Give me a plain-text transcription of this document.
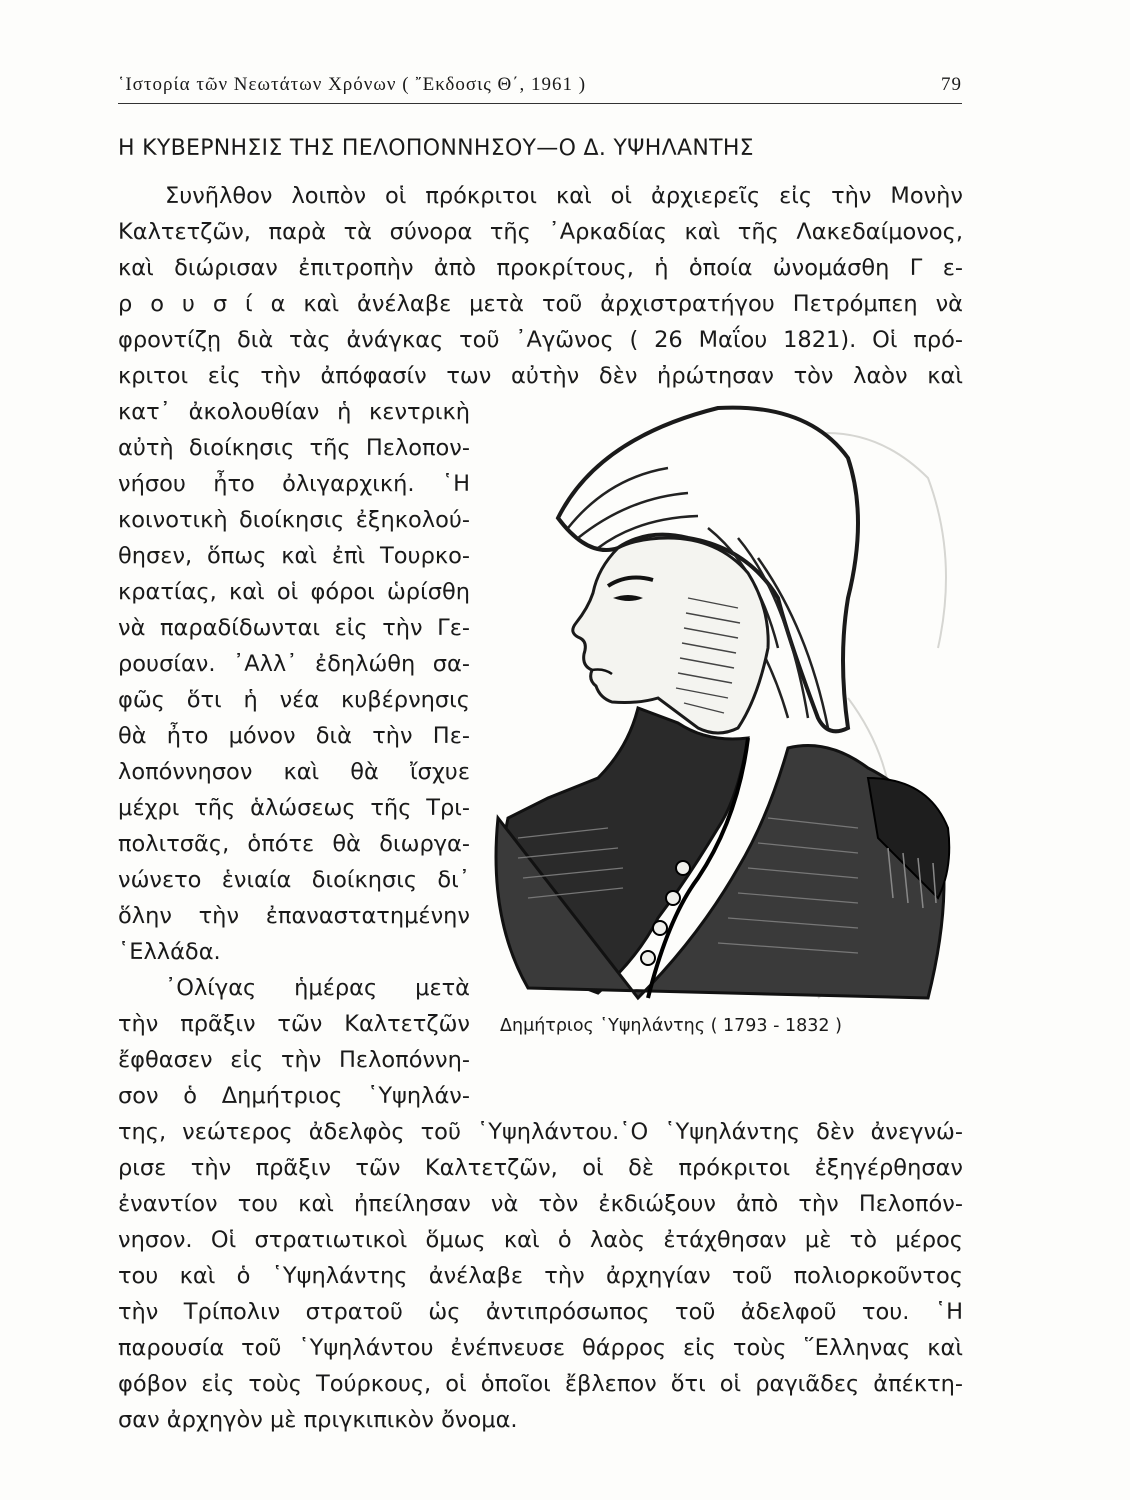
῾Ιστορία τῶν Νεωτάτων Χρόνων ( ῎Εκδοσις Θ΄, 1961 )	79
Η ΚΥΒΕΡΝΗΣΙΣ ΤΗΣ ΠΕΛΟΠΟΝΝΗΣΟΥ—Ο Δ. ΥΨΗΛΑΝΤΗΣ
Συνῆλθον λοιπὸν οἱ πρόκριτοι καὶ οἱ ἀρχιερεῖς εἰς τὴν Μονὴν
Καλτετζῶν, παρὰ τὰ σύνορα τῆς ᾽Αρκαδίας καὶ τῆς Λακεδαίμονος,
καὶ διώρισαν ἐπιτροπὴν ἀπὸ προκρίτους, ἡ ὁποία ὠνομάσθη Γ ε-
ρ ο υ σ ί α καὶ ἀνέλαβε μετὰ τοῦ ἀρχιστρατήγου Πετρόμπεη νὰ
φροντίζῃ διὰ τὰς ἀνάγκας τοῦ ᾽Αγῶνος ( 26 Μαΐου 1821). Οἱ πρό-
κριτοι εἰς τὴν ἀπόφασίν των αὐτὴν δὲν ἠρώτησαν τὸν λαὸν καὶ
κατ᾽ ἀκολουθίαν ἡ κεντρικὴ
αὐτὴ διοίκησις τῆς Πελοπον-
νήσου ἦτο ὀλιγαρχική. ῾Η
κοινοτικὴ διοίκησις ἐξηκολού-
θησεν, ὅπως καὶ ἐπὶ Τουρκο-
κρατίας, καὶ οἱ φόροι ὡρίσθη
νὰ παραδίδωνται εἰς τὴν Γε-
ρουσίαν. ᾽Αλλ᾽ ἐδηλώθη σα-
φῶς ὅτι ἡ νέα κυβέρνησις
θὰ ἦτο μόνον διὰ τὴν Πε-
λοπόννησον καὶ θὰ ἴσχυε
μέχρι τῆς ἁλώσεως τῆς Τρι-
πολιτσᾶς, ὁπότε θὰ διωργα-
νώνετο ἑνιαία διοίκησις δι᾽
ὅλην τὴν ἐπαναστατημένην
῾Ελλάδα.
᾽Ολίγας ἡμέρας μετὰ
τὴν πρᾶξιν τῶν Καλτετζῶν
ἔφθασεν εἰς τὴν Πελοπόννη-
σον ὁ Δημήτριος ῾Υψηλάν-
της, νεώτερος ἀδελφὸς τοῦ ῾Υψηλάντου.῾Ο ῾Υψηλάντης δὲν ἀνεγνώ-
ρισε τὴν πρᾶξιν τῶν Καλτετζῶν, οἱ δὲ πρόκριτοι ἐξηγέρθησαν
ἐναντίον του καὶ ἠπείλησαν νὰ τὸν ἐκδιώξουν ἀπὸ τὴν Πελοπόν-
νησον. Οἱ στρατιωτικοὶ ὅμως καὶ ὁ λαὸς ἐτάχθησαν μὲ τὸ μέρος
του καὶ ὁ ῾Υψηλάντης ἀνέλαβε τὴν ἀρχηγίαν τοῦ πολιορκοῦντος
τὴν Τρίπολιν στρατοῦ ὡς ἀντιπρόσωπος τοῦ ἀδελφοῦ του. ῾Η
παρουσία τοῦ ῾Υψηλάντου ἐνέπνευσε θάρρος εἰς τοὺς ῞Ελληνας καὶ
φόβον εἰς τοὺς Τούρκους, οἱ ὁποῖοι ἔβλεπον ὅτι οἱ ραγιᾶδες ἀπέκτη-
σαν ἀρχηγὸν μὲ πριγκιπικὸν ὄνομα.
Δημήτριος ῾Υψηλάντης ( 1793 - 1832 )
